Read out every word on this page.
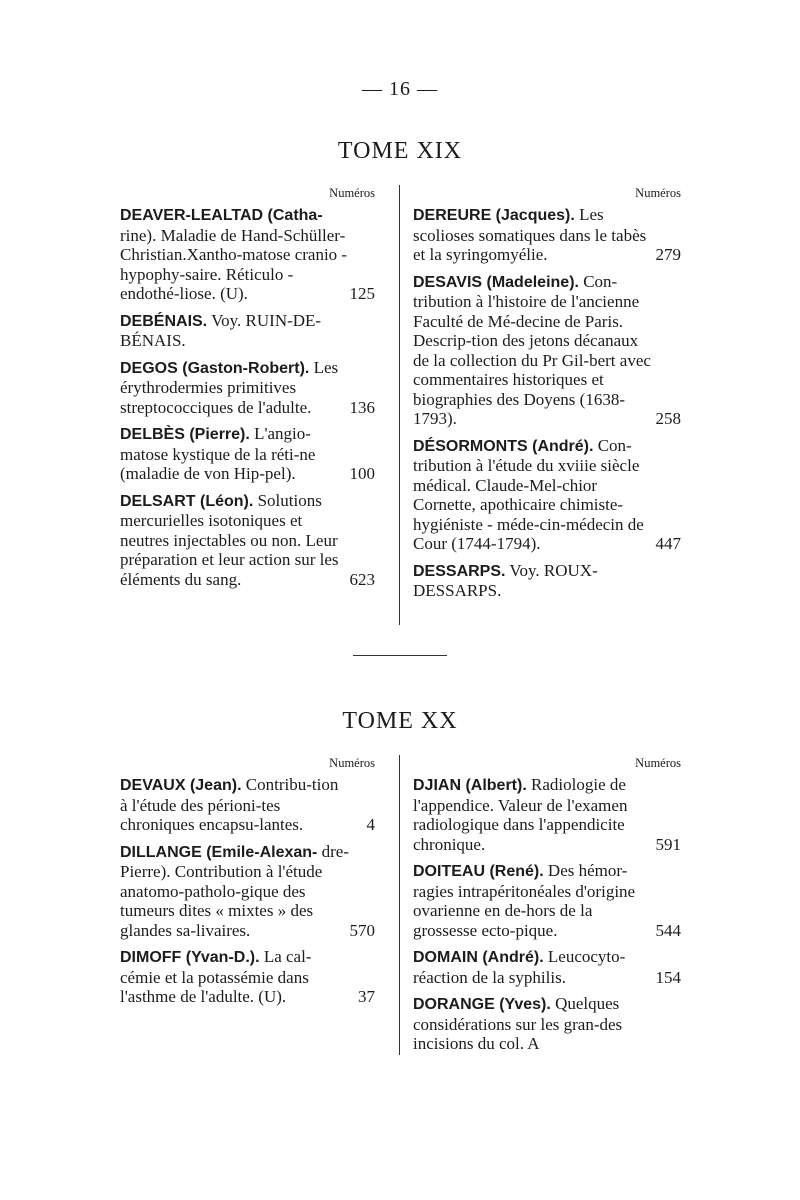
— 16 —
TOME XIX
Numéros
DEAVER-LEALTAD (Catha- rine). Maladie de Hand-Schüller-Christian.Xantho-matose cranio - hypophy-saire. Réticulo - endothé-liose. (U).	125
DEBÉNAIS. Voy. RUIN-DE-BÉNAIS.
DEGOS (Gaston-Robert). Les érythrodermies primitives streptococciques de l'adulte.	136
DELBÈS (Pierre). L'angio-matose kystique de la réti-ne (maladie de von Hip-pel).	100
DELSART (Léon). Solutions mercurielles isotoniques et neutres injectables ou non. Leur préparation et leur action sur les éléments du sang.	623
Numéros
DEREURE (Jacques). Les scolioses somatiques dans le tabès et la syringomyélie.	279
DESAVIS (Madeleine). Con-tribution à l'histoire de l'ancienne Faculté de Mé-decine de Paris. Descrip-tion des jetons décanaux de la collection du Pr Gil-bert avec commentaires historiques et biographies des Doyens (1638-1793).	258
DÉSORMONTS (André). Con-tribution à l'étude du xviiie siècle médical. Claude-Mel-chior Cornette, apothicaire chimiste-hygiéniste - méde-cin-médecin de Cour (1744-1794).	447
DESSARPS. Voy. ROUX-DESSARPS.
TOME XX
Numéros
DEVAUX (Jean). Contribu-tion à l'étude des périoni-tes chroniques encapsu-lantes.	4
DILLANGE (Emile-Alexan- dre-Pierre). Contribution à l'étude anatomo-patholo-gique des tumeurs dites « mixtes » des glandes sa-livaires.	570
DIMOFF (Yvan-D.). La cal-cémie et la potassémie dans l'asthme de l'adulte. (U).	37
Numéros
DJIAN (Albert). Radiologie de l'appendice. Valeur de l'examen radiologique dans l'appendicite chronique.	591
DOITEAU (René). Des hémor-ragies intrapéritonéales d'origine ovarienne en de-hors de la grossesse ecto-pique.	544
DOMAIN (André). Leucocyto-réaction de la syphilis.	154
DORANGE (Yves). Quelques considérations sur les gran-des incisions du col. A
